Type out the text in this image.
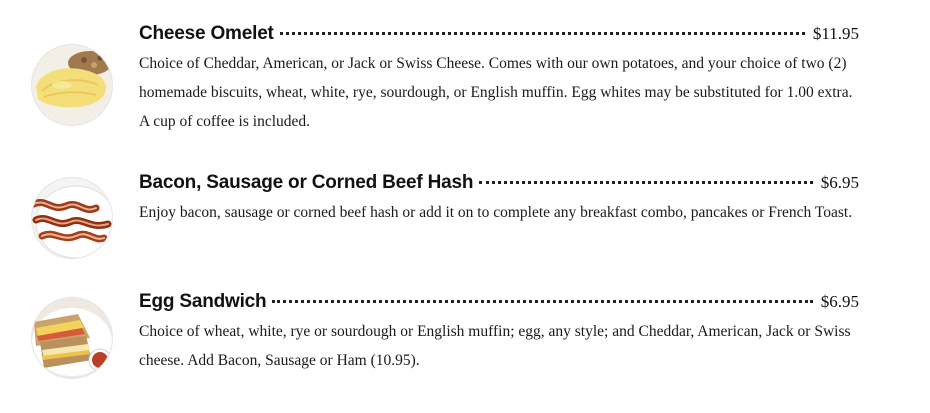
Cheese Omelet	$11.95
Choice of Cheddar, American, or Jack or Swiss Cheese. Comes with our own potatoes, and your choice of two (2) homemade biscuits, wheat, white, rye, sourdough, or English muffin. Egg whites may be substituted for 1.00 extra. A cup of coffee is included.
Bacon, Sausage or Corned Beef Hash	$6.95
Enjoy bacon, sausage or corned beef hash or add it on to complete any breakfast combo, pancakes or French Toast.
Egg Sandwich	$6.95
Choice of wheat, white, rye or sourdough or English muffin; egg, any style; and Cheddar, American, Jack or Swiss cheese. Add Bacon, Sausage or Ham (10.95).
